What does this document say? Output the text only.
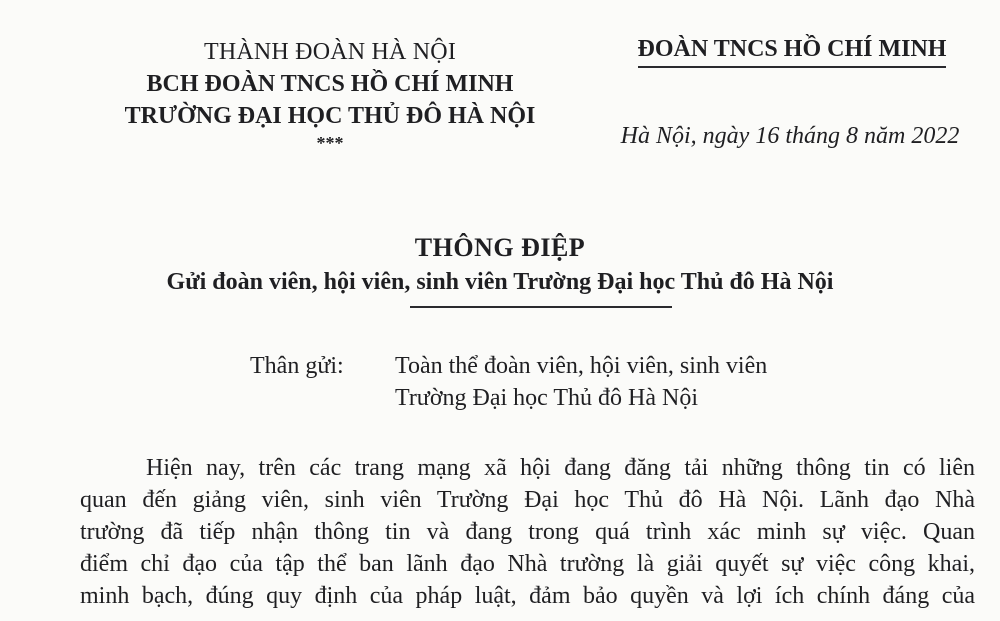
THÀNH ĐOÀN HÀ NỘI
BCH ĐOÀN TNCS HỒ CHÍ MINH
TRƯỜNG ĐẠI HỌC THỦ ĐÔ HÀ NỘI
***
ĐOÀN TNCS HỒ CHÍ MINH
Hà Nội, ngày 16 tháng 8 năm 2022
THÔNG ĐIỆP
Gửi đoàn viên, hội viên, sinh viên Trường Đại học Thủ đô Hà Nội
Thân gửi: Toàn thể đoàn viên, hội viên, sinh viên
Trường Đại học Thủ đô Hà Nội
Hiện nay, trên các trang mạng xã hội đang đăng tải những thông tin có liên
quan đến giảng viên, sinh viên Trường Đại học Thủ đô Hà Nội. Lãnh đạo Nhà
trường đã tiếp nhận thông tin và đang trong quá trình xác minh sự việc. Quan
điểm chỉ đạo của tập thể ban lãnh đạo Nhà trường là giải quyết sự việc công khai,
minh bạch, đúng quy định của pháp luật, đảm bảo quyền và lợi ích chính đáng của
